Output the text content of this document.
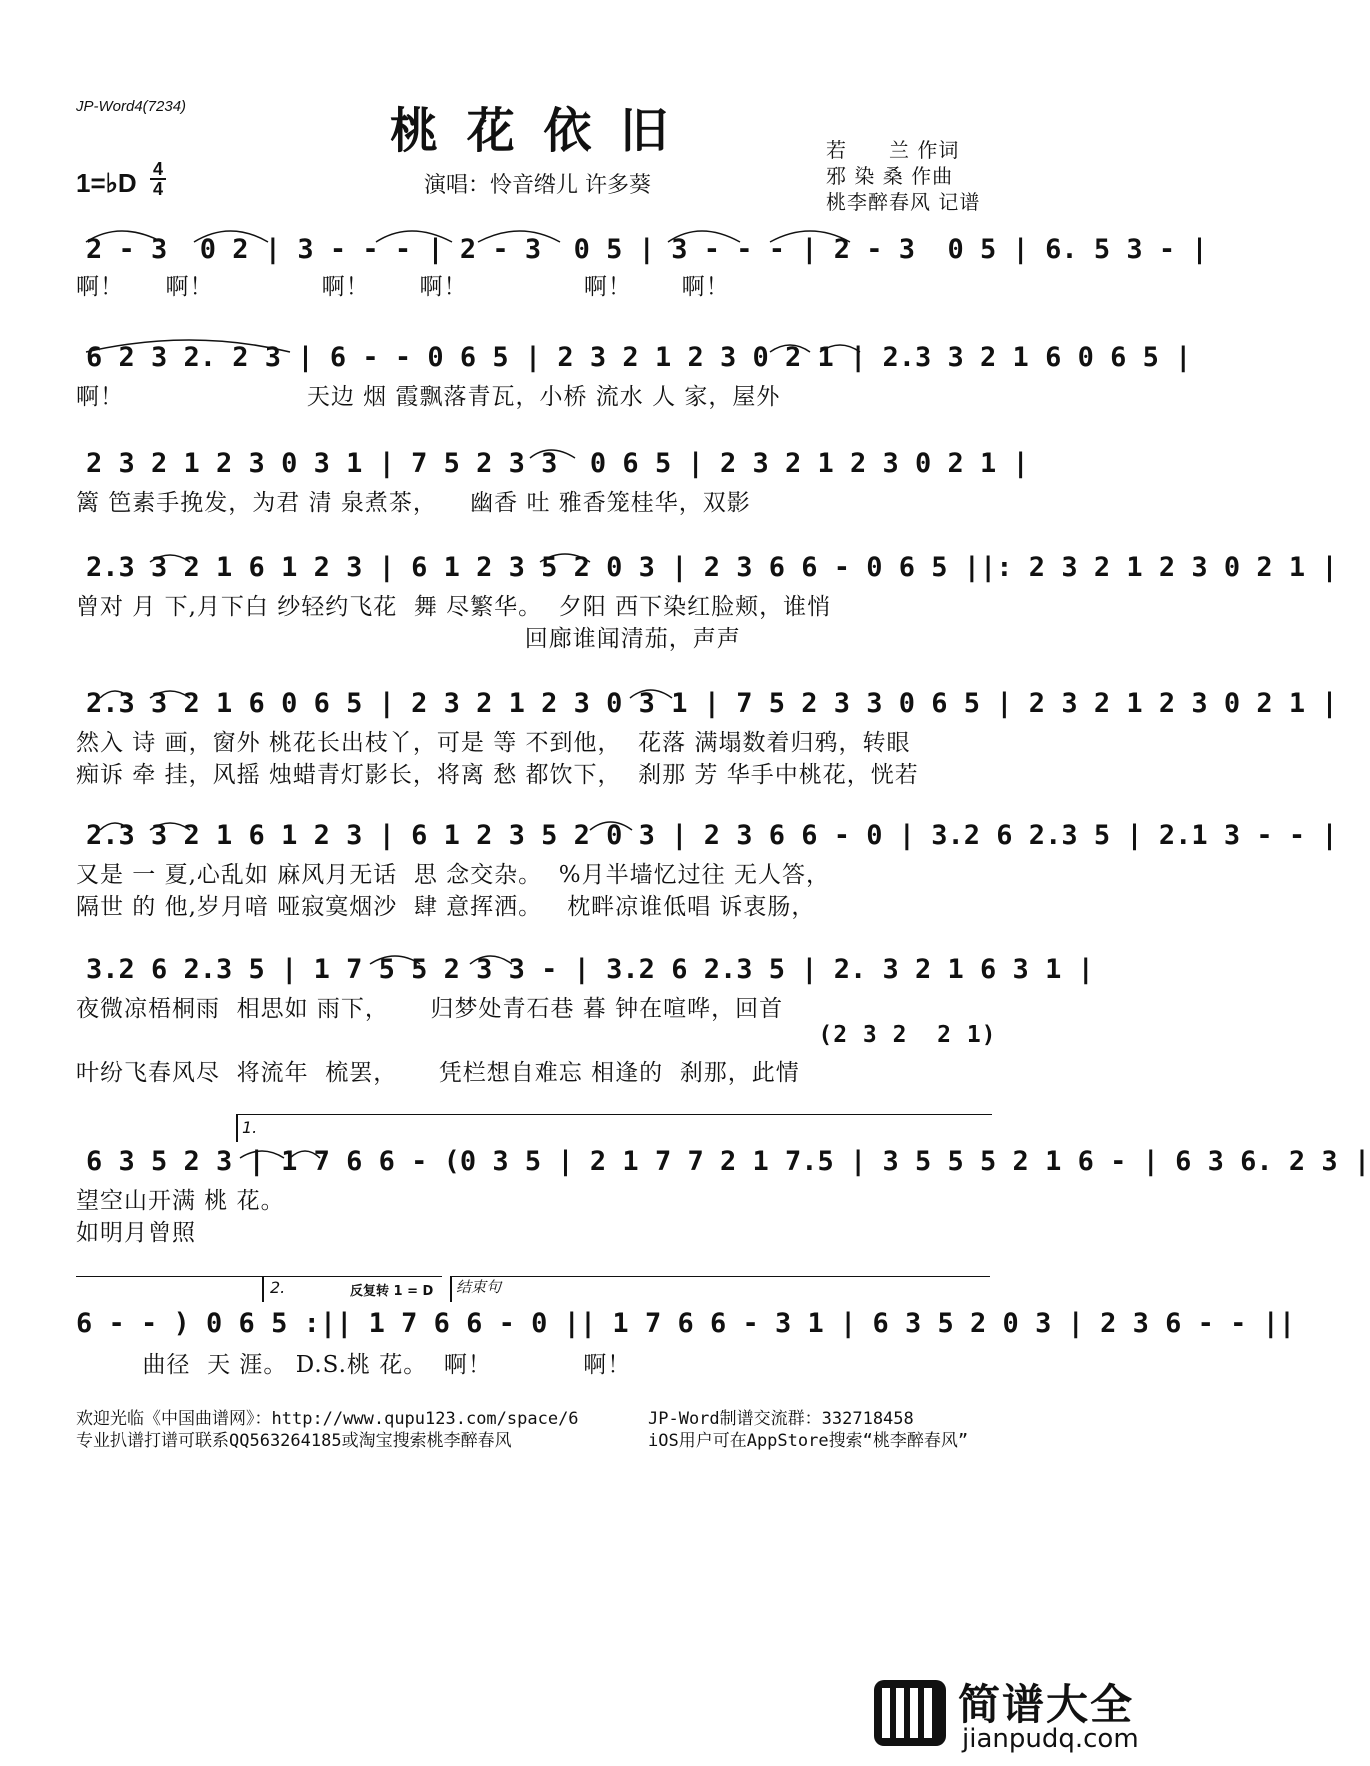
JP-Word4(7234)	桃 花 依 旧
1=♭D 4
4	演唱：怜音绺儿 许多葵
若　　兰 作词
邪 染 桑 作曲
桃李醉春风 记谱
2 - 3  0 2 | 3 - - - | 2 - 3  0 5 | 3 - - - | 2 - 3  0 5 | 6. 5 3 - |
啊！     啊！             啊！      啊！              啊！      啊！
6 2 3 2. 2 3 | 6 - - 0 6 5 | 2 3 2 1 2 3 0 2 1 | 2.3 3 2 1 6 0 6 5 |
啊！                      天边 烟 霞飘落青瓦，小桥 流水 人 家，屋外
2 3 2 1 2 3 0 3 1 | 7 5 2 3 3  0 6 5 | 2 3 2 1 2 3 0 2 1 |
篱 笆素手挽发，为君 清 泉煮茶，    幽香 吐 雅香笼桂华，双影
2.3 3 2 1 6 1 2 3 | 6 1 2 3 5 2 0 3 | 2 3 6 6 - 0 6 5 ||: 2 3 2 1 2 3 0 2 1 |
曾对 月 下,月下白 纱轻约飞花  舞 尽繁华。  夕阳 西下染红脸颊，谁悄
回廊谁闻清茄，声声
2.3 3 2 1 6 0 6 5 | 2 3 2 1 2 3 0 3 1 | 7 5 2 3 3 0 6 5 | 2 3 2 1 2 3 0 2 1 |
然入 诗 画，窗外 桃花长出枝丫，可是 等 不到他，  花落 满塌数着归鸦，转眼
痴诉 牵 挂，风摇 烛蜡青灯影长，将离 愁 都饮下，  刹那 芳 华手中桃花，恍若
2.3 3 2 1 6 1 2 3 | 6 1 2 3 5 2 0 3 | 2 3 6 6 - 0 | 3.2 6 2.3 5 | 2.1 3 - - |
又是 一 夏,心乱如 麻风月无话  思 念交杂。  %月半墙忆过往 无人答，
隔世 的 他,岁月喑 哑寂寞烟沙  肆 意挥洒。   枕畔凉谁低唱 诉衷肠，
3.2 6 2.3 5 | 1 7 5 5 2 3 3 - | 3.2 6 2.3 5 | 2. 3 2 1 6 3 1 |
夜微凉梧桐雨  相思如 雨下，     归梦处青石巷 暮 钟在喧哗，回首
(2 3 2  2 1)
叶纷飞春风尽  将流年  梳罢，     凭栏想自难忘 相逢的  刹那，此情
1.
6 3 5 2 3 | 1 7 6 6 - (0 3 5 | 2 1 7 7 2 1 7.5 | 3 5 5 5 2 1 6 - | 6 3 6. 2 3 |
望空山开满 桃 花。
如明月曾照
2.	反复转 1 = D 结束句
6 - - ) 0 6 5 :|| 1 7 6 6 - 0 || 1 7 6 6 - 3 1 | 6 3 5 2 0 3 | 2 3 6 - - ||
曲径  天 涯。 D.S.桃 花。  啊！           啊！
欢迎光临《中国曲谱网》：http://www.qupu123.com/space/6
专业扒谱打谱可联系QQ563264185或淘宝搜索桃李醉春风
JP-Word制谱交流群：332718458
iOS用户可在AppStore搜索“桃李醉春风”
简谱大全
jianpudq.com
